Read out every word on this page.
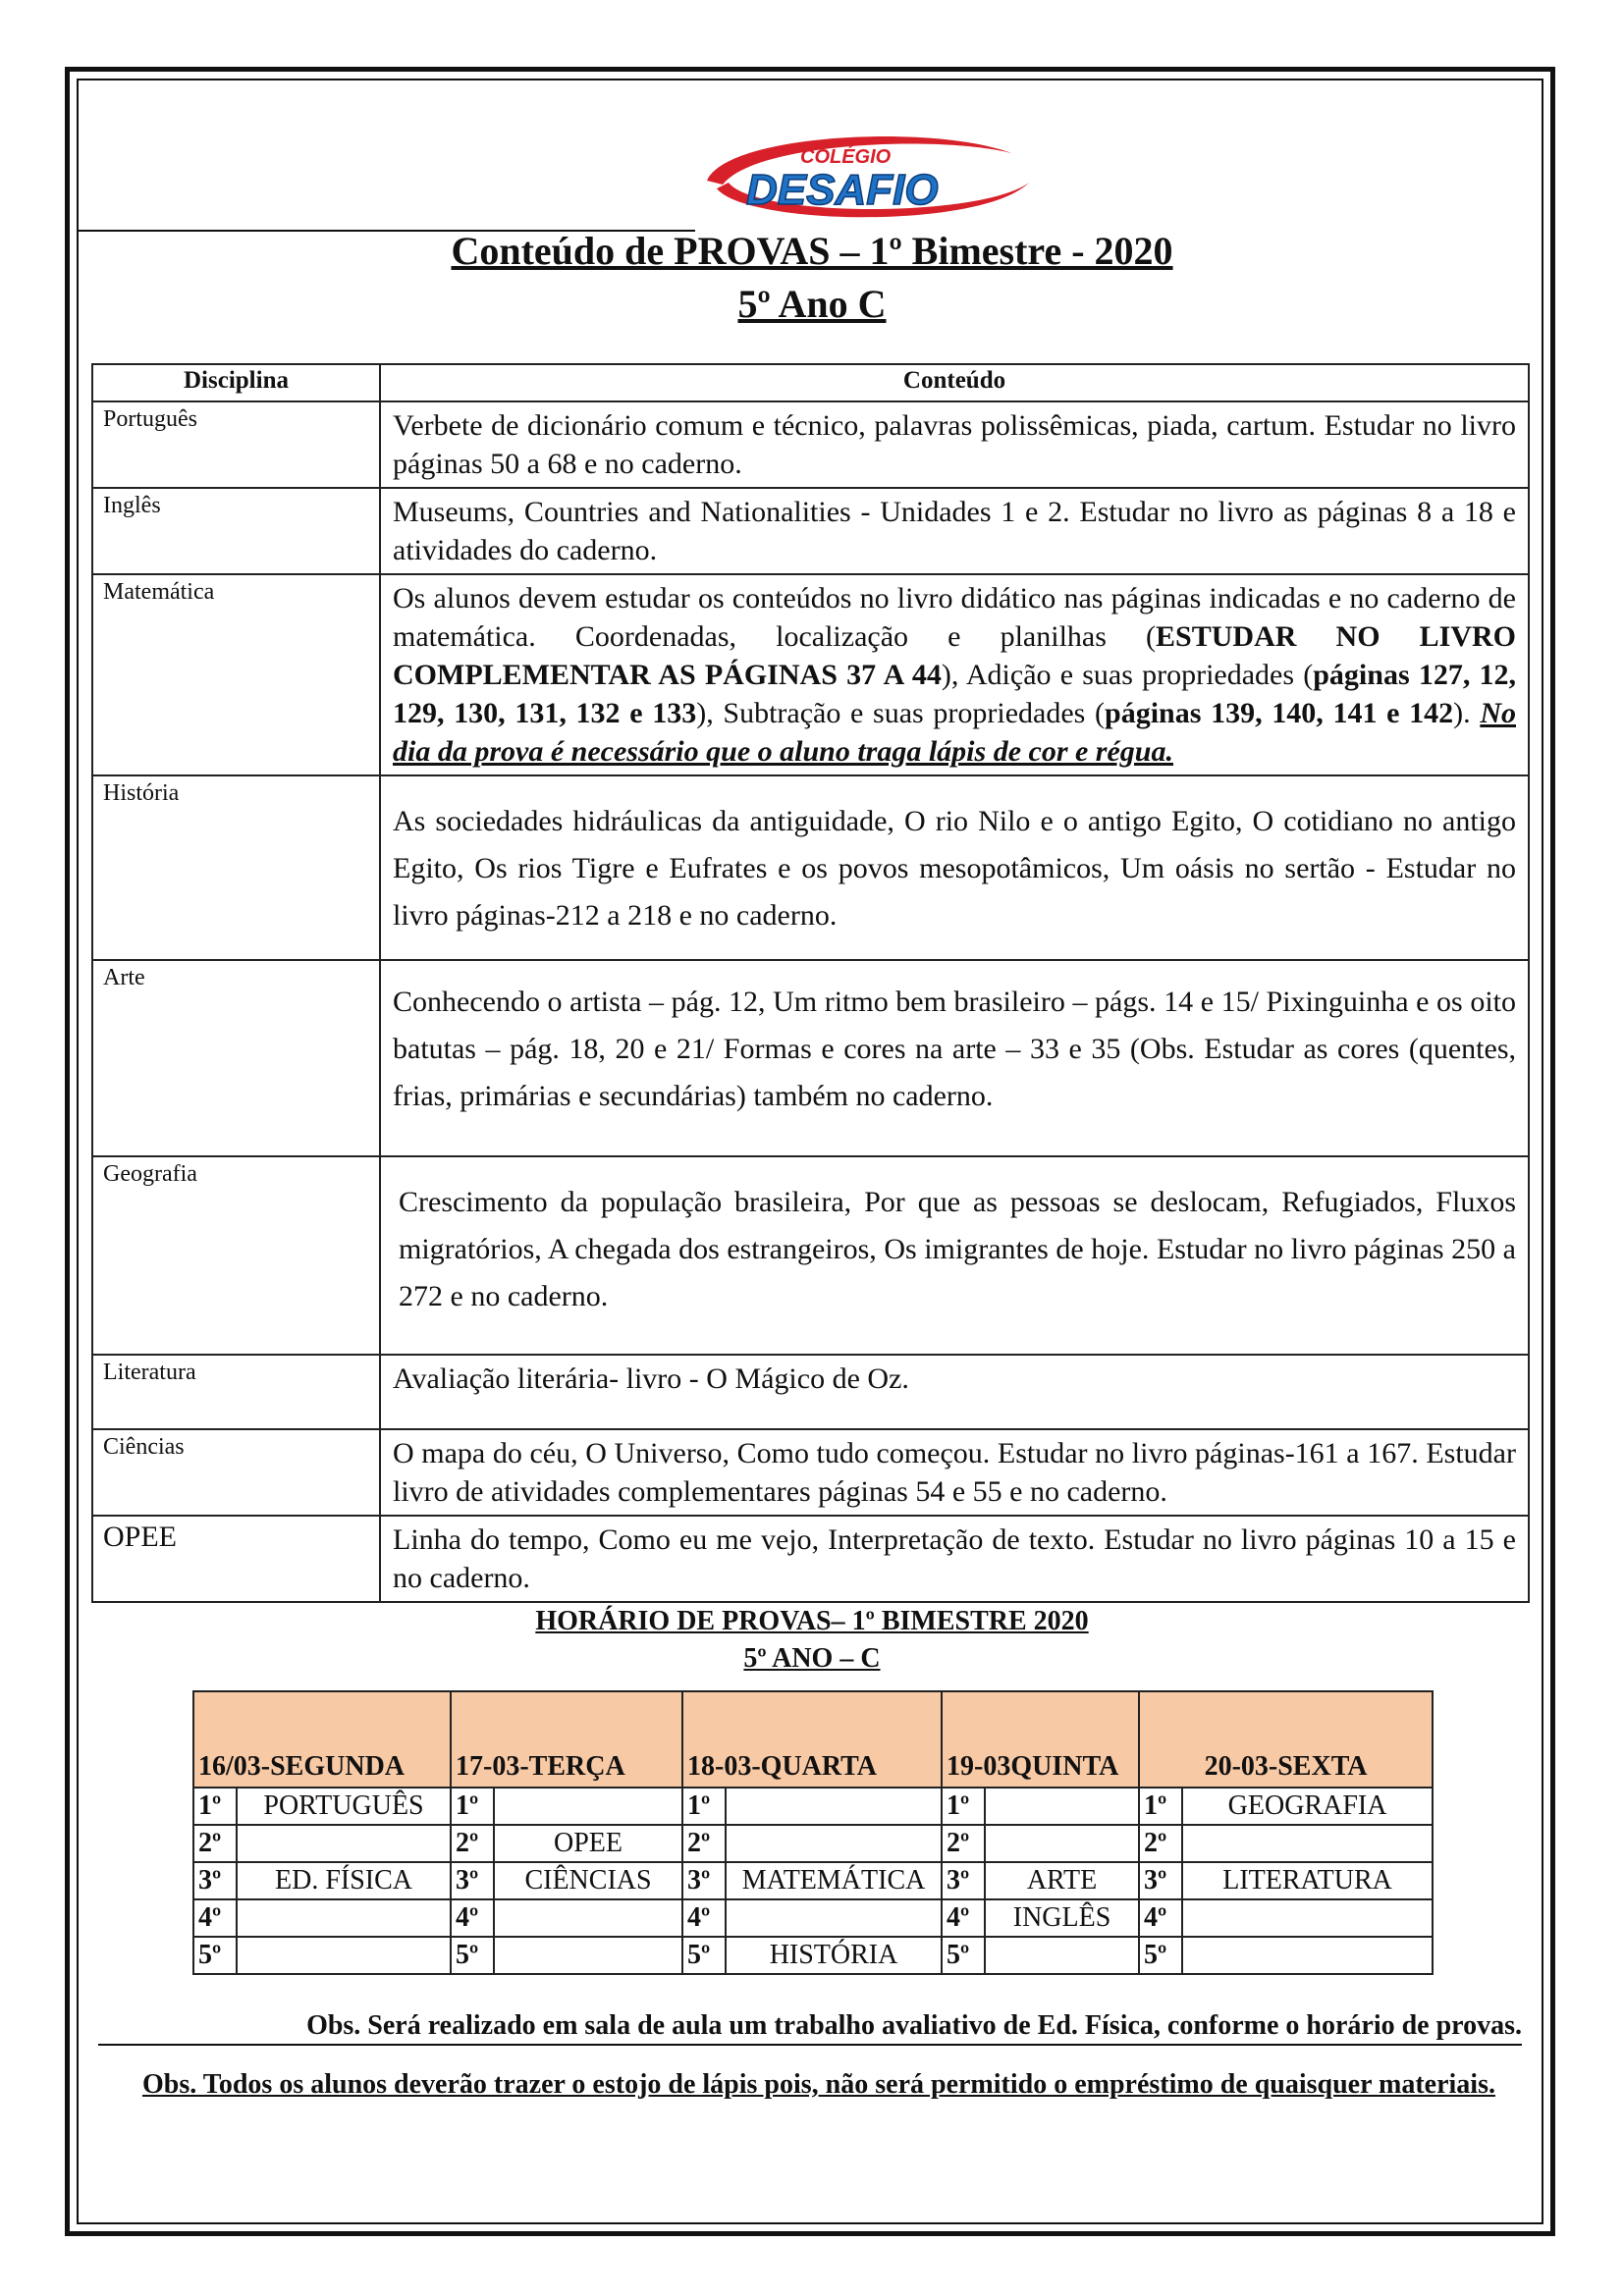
COLÉGIO
DESAFIO
Conteúdo de PROVAS – 1º Bimestre - 2020
5º Ano C
Disciplina	Conteúdo
Português	Verbete de dicionário comum e técnico, palavras polissêmicas, piada, cartum. Estudar no livro páginas 50 a 68 e no caderno.
Inglês	Museums, Countries and Nationalities - Unidades 1 e 2. Estudar no livro as páginas 8 a 18 e atividades do caderno.
Matemática	Os alunos devem estudar os conteúdos no livro didático nas páginas indicadas e no caderno de matemática. Coordenadas, localização e planilhas (ESTUDAR NO LIVRO COMPLEMENTAR AS PÁGINAS 37 A 44), Adição e suas propriedades (páginas 127, 12, 129, 130, 131, 132 e 133), Subtração e suas propriedades (páginas 139, 140, 141 e 142). No dia da prova é necessário que o aluno traga lápis de cor e régua.
História	As sociedades hidráulicas da antiguidade, O rio Nilo e o antigo Egito, O cotidiano no antigo Egito, Os rios Tigre e Eufrates e os povos mesopotâmicos, Um oásis no sertão - Estudar no livro páginas-212 a 218 e no caderno.
Arte	Conhecendo o artista – pág. 12, Um ritmo bem brasileiro – págs. 14 e 15/ Pixinguinha e os oito batutas – pág. 18, 20 e 21/ Formas e cores na arte – 33 e 35 (Obs. Estudar as cores (quentes, frias, primárias e secundárias) também no caderno.
Geografia	Crescimento da população brasileira, Por que as pessoas se deslocam, Refugiados, Fluxos migratórios, A chegada dos estrangeiros, Os imigrantes de hoje. Estudar no livro páginas 250 a 272 e no caderno.
Literatura	Avaliação literária- livro - O Mágico de Oz.
Ciências	O mapa do céu, O Universo, Como tudo começou. Estudar no livro páginas-161 a 167. Estudar livro de atividades complementares páginas 54 e 55 e no caderno.
OPEE	Linha do tempo, Como eu me vejo, Interpretação de texto. Estudar no livro páginas 10 a 15 e no caderno.
HORÁRIO DE PROVAS– 1º BIMESTRE 2020
5º ANO – C
16/03-SEGUNDA		17-03-TERÇA		18-03-QUARTA		19-03QUINTA		20-03-SEXTA	
1º	PORTUGUÊS	1º		1º		1º		1º	GEOGRAFIA
2º		2º	OPEE	2º		2º		2º	
3º	ED. FÍSICA	3º	CIÊNCIAS	3º	MATEMÁTICA	3º	ARTE	3º	LITERATURA
4º		4º		4º		4º	INGLÊS	4º	
5º		5º		5º	HISTÓRIA	5º		5º	
Obs. Será realizado em sala de aula um trabalho avaliativo de Ed. Física, conforme o horário de provas.
Obs. Todos os alunos deverão trazer o estojo de lápis pois, não será permitido o empréstimo de quaisquer materiais.
